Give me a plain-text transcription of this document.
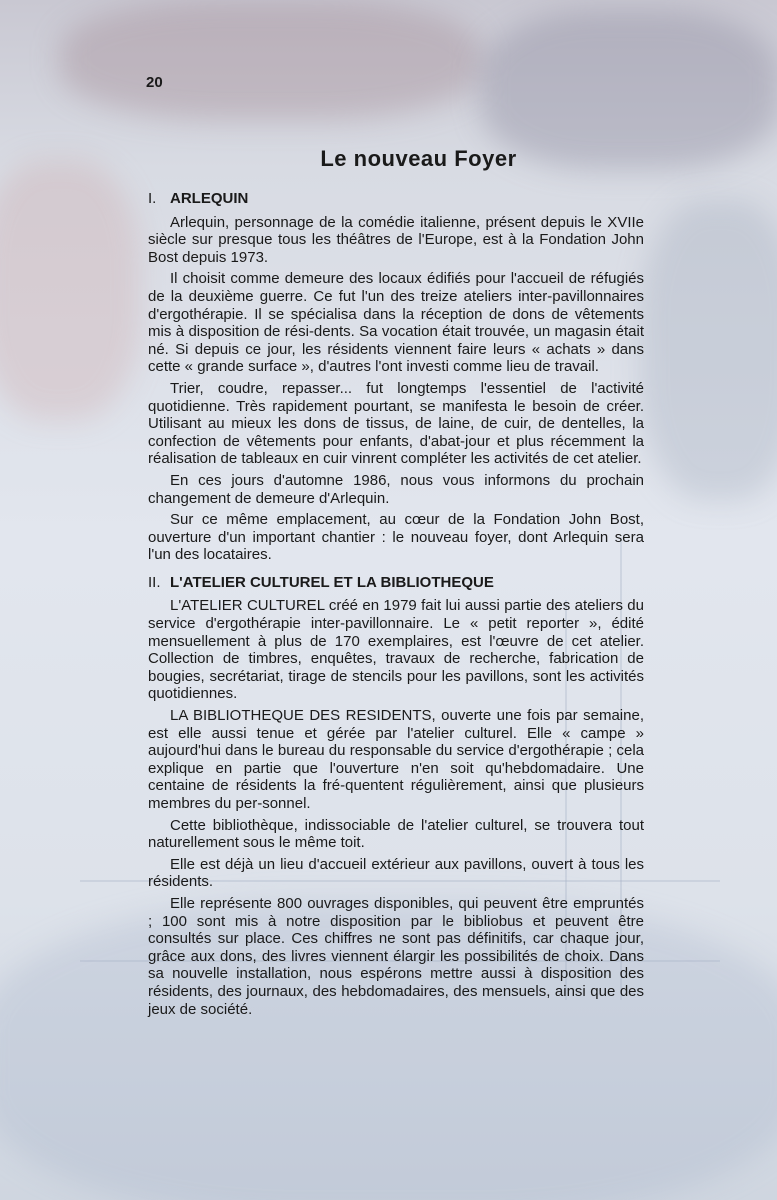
20
Le nouveau Foyer
I. ARLEQUIN

Arlequin, personnage de la comédie italienne, présent depuis le XVIIe siècle sur presque tous les théâtres de l'Europe, est à la Fondation John Bost depuis 1973.

Il choisit comme demeure des locaux édifiés pour l'accueil de réfugiés de la deuxième guerre. Ce fut l'un des treize ateliers inter-pavillonnaires d'ergothérapie. Il se spécialisa dans la réception de dons de vêtements mis à disposition de rési-dents. Sa vocation était trouvée, un magasin était né. Si depuis ce jour, les résidents viennent faire leurs « achats » dans cette « grande surface », d'autres l'ont investi comme lieu de travail.

Trier, coudre, repasser... fut longtemps l'essentiel de l'activité quotidienne. Très rapidement pourtant, se manifesta le besoin de créer. Utilisant au mieux les dons de tissus, de laine, de cuir, de dentelles, la confection de vêtements pour enfants, d'abat-jour et plus récemment la réalisation de tableaux en cuir vinrent compléter les activités de cet atelier.

En ces jours d'automne 1986, nous vous informons du prochain changement de demeure d'Arlequin.

Sur ce même emplacement, au cœur de la Fondation John Bost, ouverture d'un important chantier : le nouveau foyer, dont Arlequin sera l'un des locataires.

II. L'ATELIER CULTUREL ET LA BIBLIOTHEQUE

L'ATELIER CULTUREL créé en 1979 fait lui aussi partie des ateliers du service d'ergothérapie inter-pavillonnaire. Le « petit reporter », édité mensuellement à plus de 170 exemplaires, est l'œuvre de cet atelier. Collection de timbres, enquêtes, travaux de recherche, fabrication de bougies, secrétariat, tirage de stencils pour les pavillons, sont les activités quotidiennes.

LA BIBLIOTHEQUE DES RESIDENTS, ouverte une fois par semaine, est elle aussi tenue et gérée par l'atelier culturel. Elle « campe » aujourd'hui dans le bureau du responsable du service d'ergothérapie ; cela explique en partie que l'ouverture n'en soit qu'hebdomadaire. Une centaine de résidents la fré-quentent régulièrement, ainsi que plusieurs membres du per-sonnel.

Cette bibliothèque, indissociable de l'atelier culturel, se trouvera tout naturellement sous le même toit.

Elle est déjà un lieu d'accueil extérieur aux pavillons, ouvert à tous les résidents.

Elle représente 800 ouvrages disponibles, qui peuvent être empruntés ; 100 sont mis à notre disposition par le bibliobus et peuvent être consultés sur place. Ces chiffres ne sont pas définitifs, car chaque jour, grâce aux dons, des livres viennent élargir les possibilités de choix. Dans sa nouvelle installation, nous espérons mettre aussi à disposition des résidents, des journaux, des hebdomadaires, des mensuels, ainsi que des jeux de société.
